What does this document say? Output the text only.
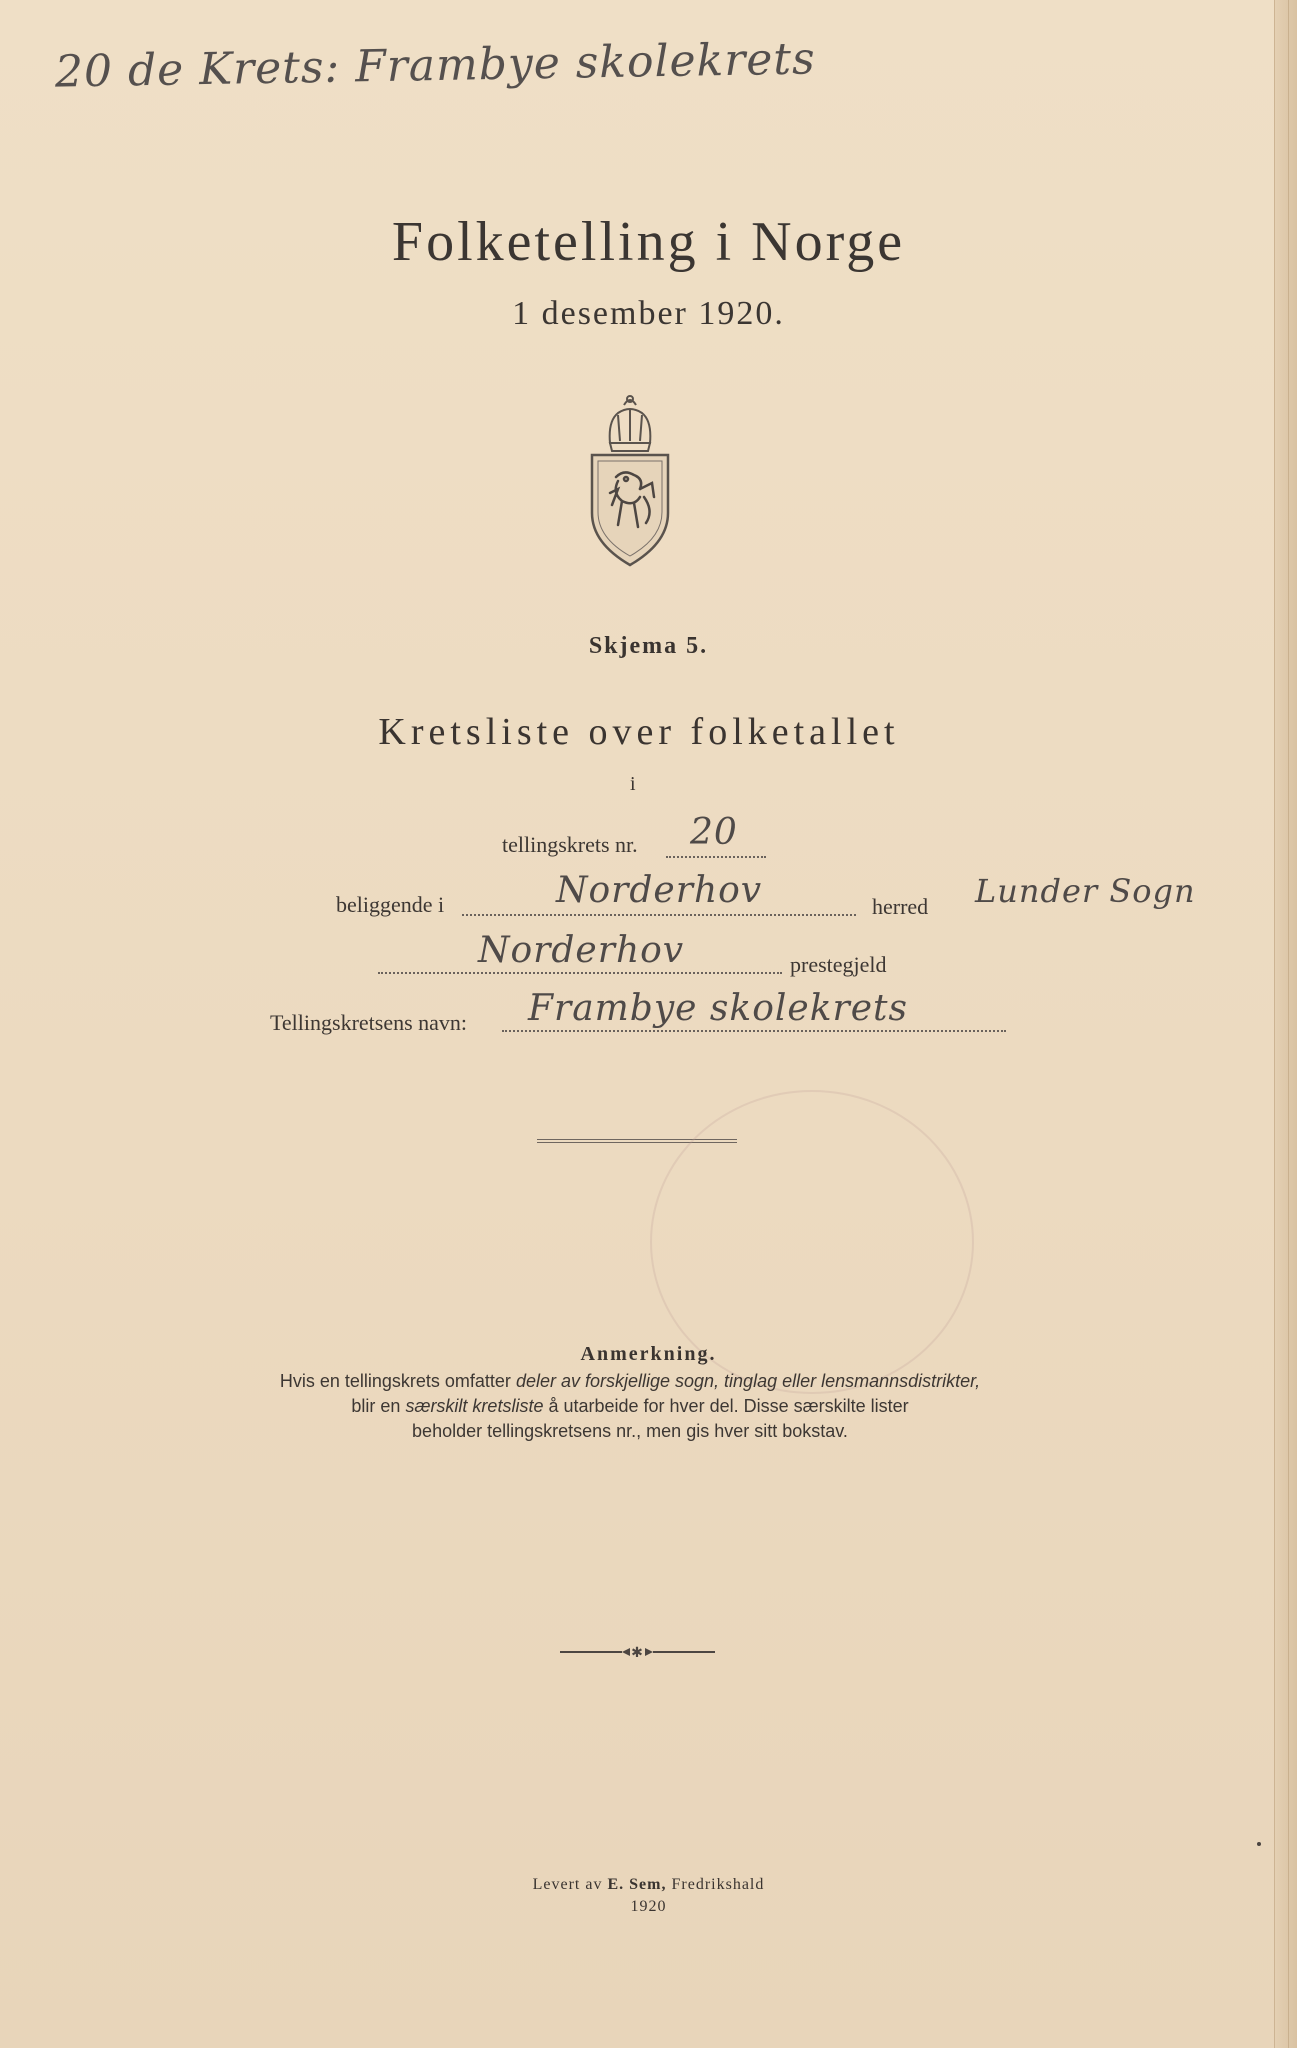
20 de Krets: Frambye skolekrets
Folketelling i Norge
1 desember 1920.
Skjema 5.
Kretsliste over folketallet
i
tellingskrets nr. 20
beliggende i	Norderhov	herred Lunder Sogn
Norderhov	prestegjeld
Tellingskretsens navn: Frambye skolekrets
Anmerkning.
Hvis en tellingskrets omfatter deler av forskjellige sogn, tinglag eller lensmannsdistrikter,
blir en særskilt kretsliste å utarbeide for hver del. Disse særskilte lister
beholder tellingskretsens nr., men gis hver sitt bokstav.
✱
Levert av E. Sem, Fredrikshald
1920
